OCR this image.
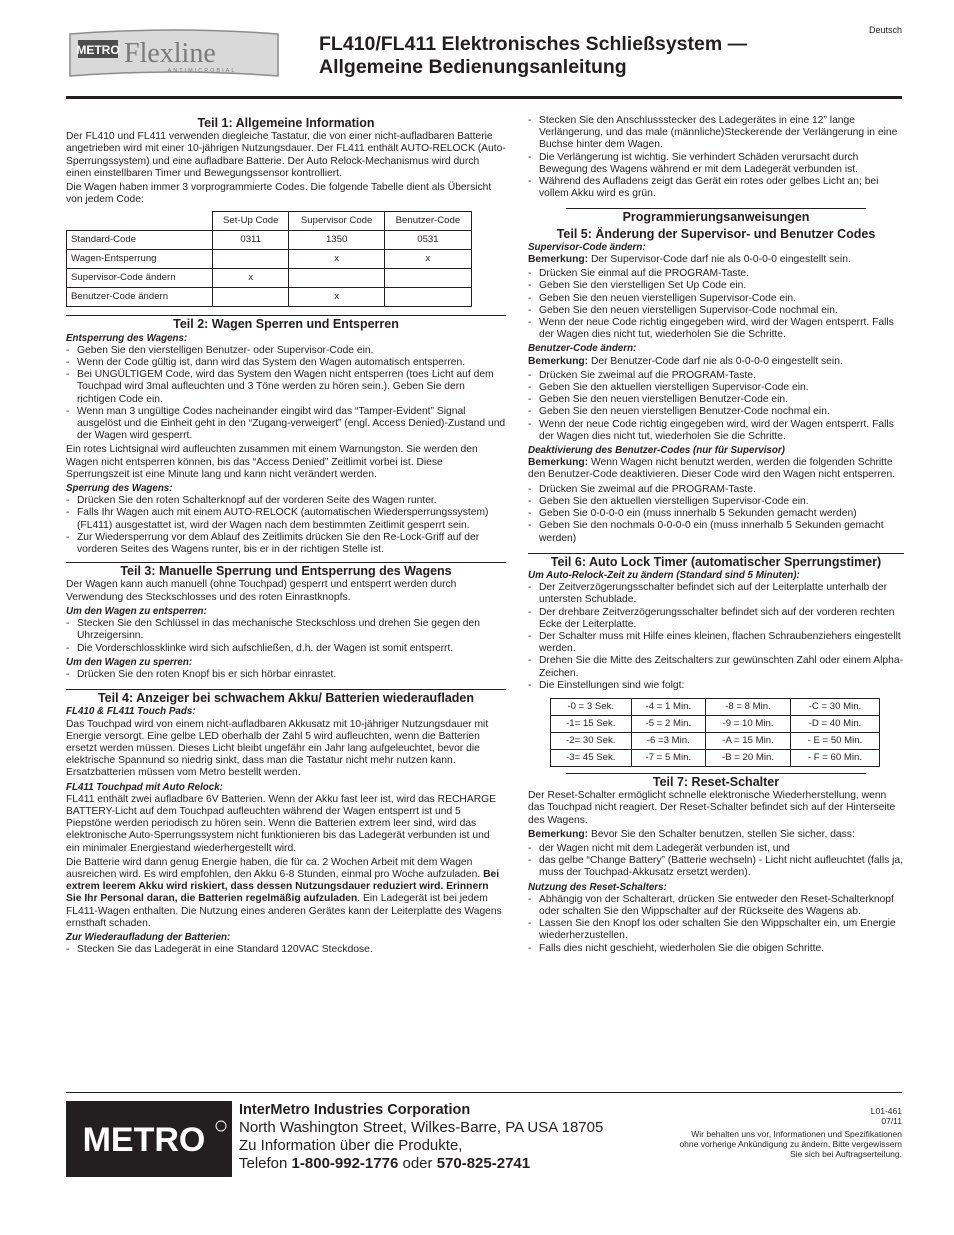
Deutsch
METRO Flexline
ANTIMICROBIAL
FL410/FL411 Elektronisches Schließsystem —
Allgemeine Bedienungsanleitung
Teil 1: Allgemeine Information

Der FL410 und FL411 verwenden diegleiche Tastatur, die von einer nicht-aufladbaren Batterie angetrieben wird mit einer 10-jährigen Nutzungsdauer. Der FL411 enthält AUTO-RELOCK (Auto-Sperrungssystem) und eine aufladbare Batterie. Der Auto Relock-Mechanismus wird durch einen einstellbaren Timer und Bewegungssensor kontrolliert.

Die Wagen haben immer 3 vorprogrammierte Codes. Die folgende Tabelle dient als Übersicht von jedem Code:

	Set-Up Code	Supervisor Code	Benutzer-Code
Standard-Code	0311	1350	0531
Wagen-Entsperrung		x	x
Supervisor-Code ändern	x		
Benutzer-Code ändern		x	
Teil 2: Wagen Sperren und Entsperren
Entsperrung des Wagens:
- Geben Sie den vierstelligen Benutzer- oder Supervisor-Code ein.
- Wenn der Code gültig ist, dann wird das System den Wagen automatisch entsperren.
- Bei UNGÜLTIGEM Code, wird das System den Wagen nicht entsperren (toes Licht auf dem Touchpad wird 3mal aufleuchten und 3 Töne werden zu hören sein.). Geben Sie dern richtigen Code ein.
- Wenn man 3 ungültige Codes nacheinander eingibt wird das “Tamper-Evident” Signal ausgelöst und die Einheit geht in den “Zugang-verweigert” (engl. Access Denied)-Zustand und der Wagen wird gesperrt.

Ein rotes Lichtsignal wird aufleuchten zusammen mit einem Warnungston. Sie werden den Wagen nicht entsperren können, bis das “Access Denied” Zeitlimit vorbei ist. Diese Sperrungszeit ist eine Minute lang und kann nicht verändert werden.

Sperrung des Wagens:
- Drücken Sie den roten Schalterknopf auf der vorderen Seite des Wagen runter.
- Falls Ihr Wagen auch mit einem AUTO-RELOCK (automatischen Wiedersperrungssystem) (FL411) ausgestattet ist, wird der Wagen nach dem bestimmten Zeitlimit gesperrt sein.
- Zur Wiedersperrung vor dem Ablauf des Zeitlimits drücken Sie den Re-Lock-Griff auf der vorderen Seites des Wagens runter, bis er in der richtigen Stelle ist.
Teil 3: Manuelle Sperrung und Entsperrung des Wagens

Der Wagen kann auch manuell (ohne Touchpad) gesperrt und entsperrt werden durch Verwendung des Steckschlosses und des roten Einrastknopfs.

Um den Wagen zu entsperren:
- Stecken Sie den Schlüssel in das mechanische Steckschloss und drehen Sie gegen den Uhrzeigersinn.
- Die Vorderschlossklinke wird sich aufschließen, d.h. der Wagen ist somit entsperrt.
Um den Wagen zu sperren:
- Drücken Sie den roten Knopf bis er sich hörbar einrastet.
Teil 4: Anzeiger bei schwachem Akku/ Batterien wiederaufladen
FL410 & FL411 Touch Pads:

Das Touchpad wird von einem nicht-aufladbaren Akkusatz mit 10-jähriger Nutzungsdauer mit Energie versorgt. Eine gelbe LED oberhalb der Zahl 5 wird aufleuchten, wenn die Batterien ersetzt werden müssen. Dieses Licht bleibt ungefähr ein Jahr lang aufgeleuchtet, bevor die elektrische Spannund so niedrig sinkt, dass man die Tastatur nicht mehr nutzen kann. Ersatzbatterien müssen vom Metro bestellt werden.

FL411 Touchpad mit Auto Relock:

FL411 enthält zwei aufladbare 6V Batterien. Wenn der Akku fast leer ist, wird das RECHARGE BATTERY-Licht auf dem Touchpad aufleuchten während der Wagen entsperrt ist und 5 Piepstöne werden periodisch zu hören sein. Wenn die Batterien extrem leer sind, wird das elektronische Auto-Sperrungssystem nicht funktionieren bis das Ladegerät verbunden ist und ein minimaler Energiestand wiederhergestellt wird.

Die Batterie wird dann genug Energie haben, die für ca. 2 Wochen Arbeit mit dem Wagen ausreichen wird. Es wird empfohlen, den Akku 6-8 Stunden, einmal pro Woche aufzuladen. Bei extrem leerem Akku wird riskiert, dass dessen Nutzungsdauer reduziert wird. Erinnern Sie Ihr Personal daran, die Batterien regelmäßig aufzuladen. Ein Ladegerät ist bei jedem FL411-Wagen enthalten. Die Nutzung eines anderen Gerätes kann der Leiterplatte des Wagens ernsthaft schaden.

Zur Wiederaufladung der Batterien:
- Stecken Sie das Ladegerät in eine Standard 120VAC Steckdose.
- Stecken Sie den Anschlussstecker des Ladegerätes in eine 12” lange Verlängerung, und das male (männliche)Steckerende der Verlängerung in eine Buchse hinter dem Wagen.
- Die Verlängerung ist wichtig. Sie verhindert Schäden verursacht durch Bewegung des Wagens während er mit dem Ladegerät verbunden ist.
- Während des Aufladens zeigt das Gerät ein rotes oder gelbes Licht an; bei vollem Akku wird es grün.
Programmierungsanweisungen
Teil 5: Änderung der Supervisor- und Benutzer Codes
Supervisor-Code ändern:

Bemerkung: Der Supervisor-Code darf nie als 0-0-0-0 eingestellt sein.

- Drücken Sie einmal auf die PROGRAM-Taste.
- Geben Sie den vierstelligen Set Up Code ein.
- Geben Sie den neuen vierstelligen Supervisor-Code ein.
- Geben Sie den neuen vierstelligen Supervisor-Code nochmal ein.
- Wenn der neue Code richtig eingegeben wird, wird der Wagen entsperrt. Falls der Wagen dies nicht tut, wiederholen Sie die Schritte.
Benutzer-Code ändern:

Bemerkung: Der Benutzer-Code darf nie als 0-0-0-0 eingestellt sein.

- Drücken Sie zweimal auf die PROGRAM-Taste.
- Geben Sie den aktuellen vierstelligen Supervisor-Code ein.
- Geben Sie den neuen vierstelligen Benutzer-Code ein.
- Geben Sie den neuen vierstelligen Benutzer-Code nochmal ein.
- Wenn der neue Code richtig eingegeben wird, wird der Wagen entsperrt. Falls der Wagen dies nicht tut, wiederholen Sie die Schritte.
Deaktivierung des Benutzer-Codes (nur für Supervisor)

Bemerkung: Wenn Wagen nicht benutzt werden, werden die folgenden Schritte den Benutzer-Code deaktivieren. Dieser Code wird den Wagen nicht entsperren.

- Drücken Sie zweimal auf die PROGRAM-Taste.
- Geben Sie den aktuellen vierstelligen Supervisor-Code ein.
- Geben Sie 0-0-0-0 ein (muss innerhalb 5 Sekunden gemacht werden)
- Geben Sie den nochmals 0-0-0-0 ein (muss innerhalb 5 Sekunden gemacht werden)
Teil 6: Auto Lock Timer (automatischer Sperrungstimer)
Um Auto-Relock-Zeit zu ändern (Standard sind 5 Minuten):
- Der Zeitverzögerungsschalter befindet sich auf der Leiterplatte unterhalb der untersten Schublade.
- Der drehbare Zeitverzögerungsschalter befindet sich auf der vorderen rechten Ecke der Leiterplatte.
- Der Schalter muss mit Hilfe eines kleinen, flachen Schraubenziehers eingestellt werden.
- Drehen Sie die Mitte des Zeitschalters zur gewünschten Zahl oder einem Alpha-Zeichen.
- Die Einstellungen sind wie folgt:
-0 = 3 Sek.	-4 = 1 Min.	-8 = 8 Min.	-C = 30 Min.
-1= 15 Sek.	-5 = 2 Min.	-9 = 10 Min.	-D = 40 Min.
-2= 30 Sek.	-6 =3 Min.	-A = 15 Min.	- E = 50 Min.
-3= 45 Sek.	-7 = 5 Min.	-B = 20 Min.	- F = 60 Min.
Teil 7: Reset-Schalter

Der Reset-Schalter ermöglicht schnelle elektronische Wiederherstellung, wenn das Touchpad nicht reagiert. Der Reset-Schalter befindet sich auf der Hinterseite des Wagens.

Bemerkung: Bevor Sie den Schalter benutzen, stellen Sie sicher, dass:

- der Wagen nicht mit dem Ladegerät verbunden ist, und
- das gelbe “Change Battery” (Batterie wechseln) - Licht nicht aufleuchtet (falls ja, muss der Touchpad-Akkusatz ersetzt werden).
Nutzung des Reset-Schalters:
- Abhängig von der Schalterart, drücken Sie entweder den Reset-Schalterknopf oder schalten Sie den Wippschalter auf der Rückseite des Wagens ab.
- Lassen Sie den Knopf los oder schalten Sie den Wippschalter ein, um Energie wiederherzustellen.
- Falls dies nicht geschieht, wiederholen Sie die obigen Schritte.
METRO
InterMetro Industries Corporation
North Washington Street, Wilkes-Barre, PA USA 18705
Zu Information über die Produkte,
Telefon 1-800-992-1776 oder 570-825-2741
L01-461
07/11
Wir behalten uns vor, Informationen und Spezifikationen
ohne vorherige Ankündigung zu ändern. Bitte vergewissern
Sie sich bei Auftragserteilung.
